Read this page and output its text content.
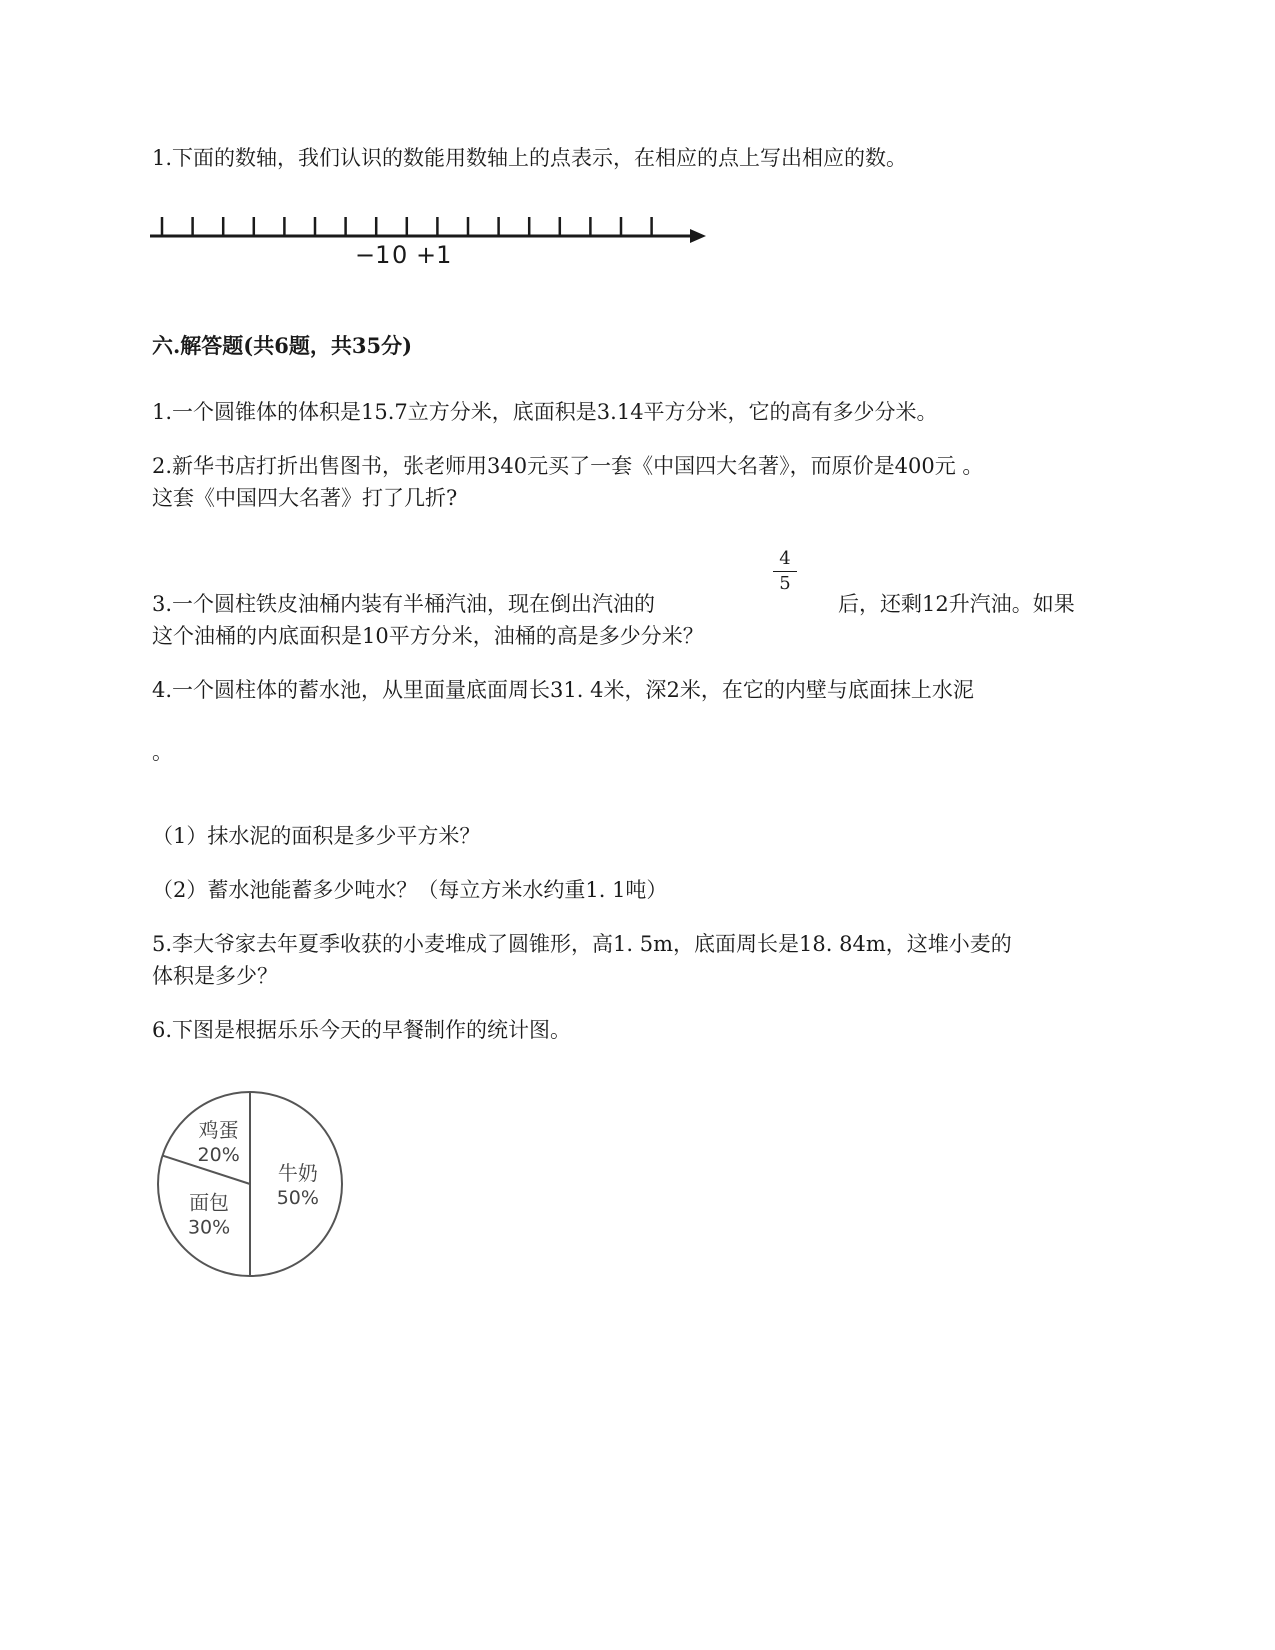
1.下面的数轴，我们认识的数能用数轴上的点表示，在相应的点上写出相应的数。
−1 0 +1
六.解答题(共6题，共35分)
1.一个圆锥体的体积是15.7立方分米，底面积是3.14平方分米，它的高有多少分米。
2.新华书店打折出售图书，张老师用340元买了一套《中国四大名著》，而原价是400元 。
这套《中国四大名著》打了几折?
3.一个圆柱铁皮油桶内装有半桶汽油，现在倒出汽油的
4
5
后，还剩12升汽油。如果
这个油桶的内底面积是10平方分米，油桶的高是多少分米？
4.一个圆柱体的蓄水池，从里面量底面周长31. 4米，深2米，在它的内壁与底面抹上水泥
。
（1）抹水泥的面积是多少平方米？
（2）蓄水池能蓄多少吨水？（每立方米水约重1. 1吨）
5.李大爷家去年夏季收获的小麦堆成了圆锥形，高1. 5m，底面周长是18. 84m，这堆小麦的
体积是多少？
6.下图是根据乐乐今天的早餐制作的统计图。
牛奶
50%
面包
30%
鸡蛋
20%
